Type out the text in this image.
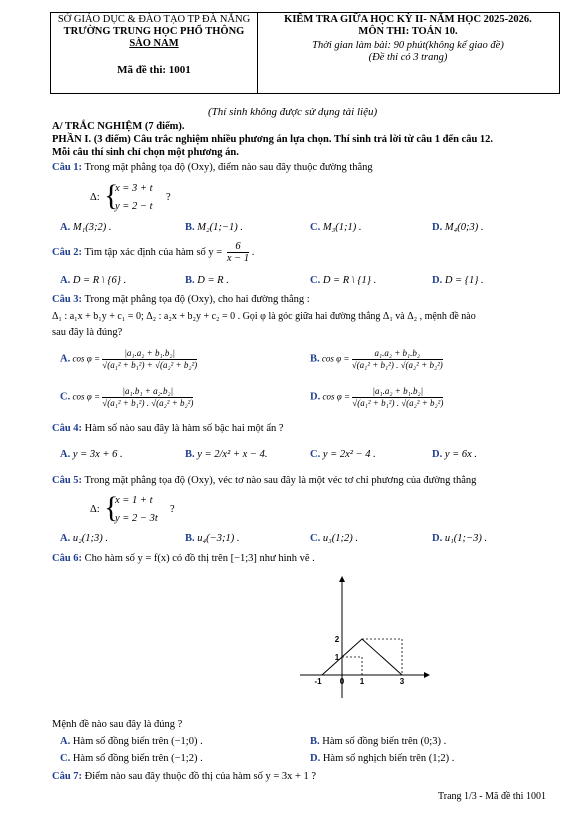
SỞ GIÁO DỤC & ĐÀO TẠO TP ĐÀ NẴNG
TRƯỜNG TRUNG HỌC PHỔ THÔNG
SÀO NAM
Mã đề thi: 1001
KIỂM TRA GIỮA HỌC KỲ II- NĂM HỌC 2025-2026.
MÔN THI: TOÁN 10.
Thời gian làm bài: 90 phút(không kể giao đề)
(Đề thi có 3 trang)
(Thí sinh không được sử dụng tài liệu)
A/ TRẮC NGHIỆM (7 điểm).
PHẦN I. (3 điểm) Câu trắc nghiệm nhiều phương án lựa chọn. Thí sinh trả lời từ câu 1 đến câu 12.
Mỗi câu thí sinh chỉ chọn một phương án.
Câu 1: Trong mặt phẳng tọa độ (Oxy), điểm nào sau đây thuộc đường thẳng
Δ: {
x = 3 + t
y = 2 − t
?
A. M₁(3;2) .	B. M₂(1;−1) .	C. M₃(1;1) .	D. M₄(0;3) .
Câu 2: Tìm tập xác định của hàm số $y = \frac{6}{x - 1}$ .
A. D = R \ {6} .	B. D = R .	C. D = R \ {1} .	D. D = {1} .
Câu 3: Trong mặt phẳng tọa độ (Oxy), cho hai đường thẳng :
Δ₁ : a₁x + b₁y + c₁ = 0; Δ₂ : a₂x + b₂y + c₂ = 0 . Gọi φ là góc giữa hai đường thẳng Δ₁ và Δ₂ , mệnh đề nào
sau đây là đúng?
A. $\cos \varphi = \frac{\text{|a₁.a₂ + b₁.b₂|}}{\text{√(a₁² + b₁²) + √(a₂² + b₂²)}}$	B. $\cos \varphi = \frac{\text{a₁.a₂ + b₁.b₂}}{\text{√(a₁² + b₁²) . √(a₂² + b₂²)}}$
C. $\cos \varphi = \frac{\text{|a₁.b₁ + a₂.b₂|}}{\text{√(a₁² + b₁²) . √(a₂² + b₂²)}}$	D. $\cos \varphi = \frac{\text{|a₁.a₂ + b₁.b₂|}}{\text{√(a₁² + b₁²) . √(a₂² + b₂²)}}$
Câu 4: Hàm số nào sau đây là hàm số bậc hai một ẩn ?
A. y = 3x + 6 .	B. y = 2/x² + x − 4.	C. y = 2x² − 4 .	D. y = 6x .
Câu 5: Trong mặt phẳng tọa độ (Oxy), véc tơ nào sau đây là một véc tơ chỉ phương của đường thẳng
Δ: {
x = 1 + t
y = 2 − 3t
?
A. u₂(1;3) .	B. u₄(−3;1) .	C. u₃(1;2) .	D. u₁(1;−3) .
Câu 6: Cho hàm số y = f(x) có đồ thị trên [−1;3] như hình vẽ .
-1 0 1	3
1
2
Mệnh đề nào sau đây là đúng ?
A. Hàm số đồng biến trên (−1;0) .	B. Hàm số đồng biến trên (0;3) .
C. Hàm số đồng biến trên (−1;2) .	D. Hàm số nghịch biến trên (1;2) .
Câu 7: Điểm nào sau đây thuộc đồ thị của hàm số y = 3x + 1 ?
Trang 1/3 - Mã đề thi 1001
